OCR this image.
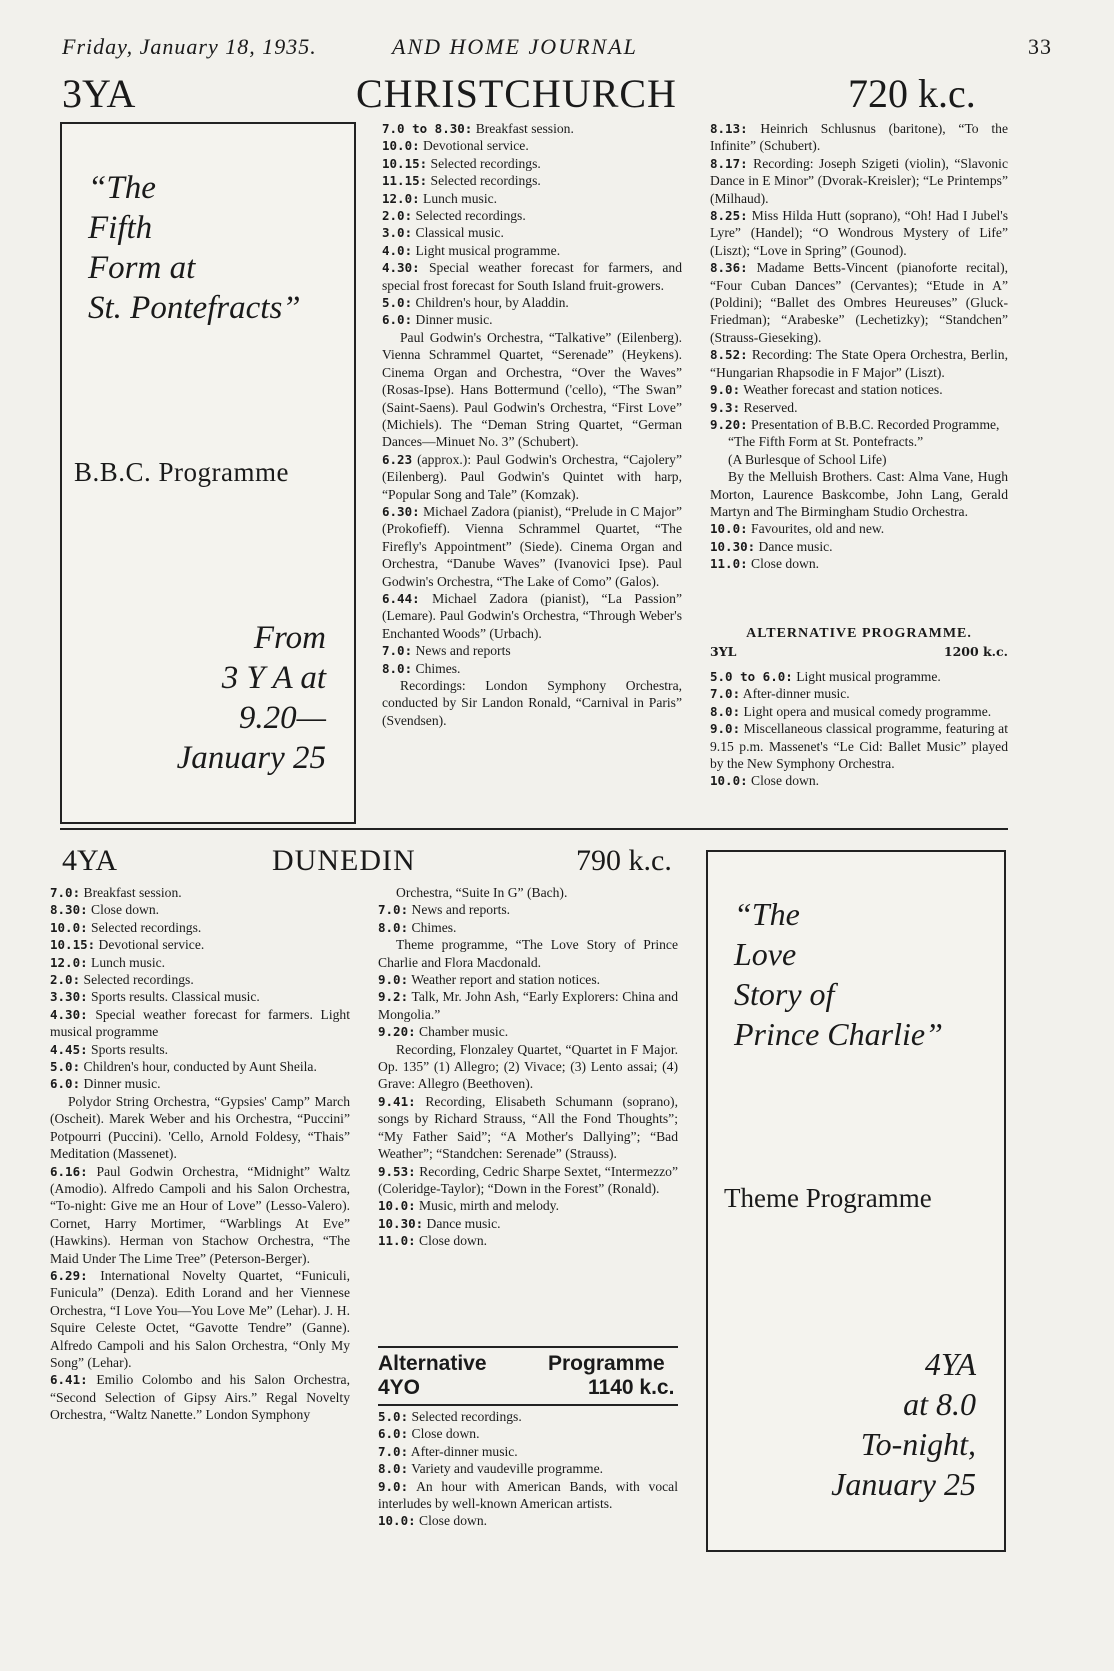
Friday, January 18, 1935.	AND HOME JOURNAL	33
3YA	CHRISTCHURCH	720 k.c.
“The
Fifth
Form at
St. Pontefracts”
B.B.C. Programme
From
3 Y A at
9.20—
January 25

7.0 to 8.30: Breakfast session.

10.0: Devotional service.

10.15: Selected recordings.

11.15: Selected recordings.

12.0: Lunch music.

2.0: Selected recordings.

3.0: Classical music.

4.0: Light musical programme.

4.30: Special weather forecast for farmers, and special frost forecast for South Island fruit-growers.

5.0: Children's hour, by Aladdin.

6.0: Dinner music.

Paul Godwin's Orchestra, “Talkative” (Eilenberg). Vienna Schrammel Quartet, “Serenade” (Heykens). Cinema Organ and Orchestra, “Over the Waves” (Rosas-Ipse). Hans Bottermund ('cello), “The Swan” (Saint-Saens). Paul Godwin's Orchestra, “First Love” (Michiels). The “Deman String Quartet, “German Dances—Minuet No. 3” (Schubert).

6.23 (approx.): Paul Godwin's Orchestra, “Cajolery” (Eilenberg). Paul Godwin's Quintet with harp, “Popular Song and Tale” (Komzak).

6.30: Michael Zadora (pianist), “Prelude in C Major” (Prokofieff). Vienna Schrammel Quartet, “The Firefly's Appointment” (Siede). Cinema Organ and Orchestra, “Danube Waves” (Ivanovici Ipse). Paul Godwin's Orchestra, “The Lake of Como” (Galos).

6.44: Michael Zadora (pianist), “La Passion” (Lemare). Paul Godwin's Orchestra, “Through Weber's Enchanted Woods” (Urbach).

7.0: News and reports

8.0: Chimes.

Recordings: London Symphony Orchestra, conducted by Sir Landon Ronald, “Carnival in Paris” (Svendsen).

8.13: Heinrich Schlusnus (baritone), “To the Infinite” (Schubert).

8.17: Recording: Joseph Szigeti (violin), “Slavonic Dance in E Minor” (Dvorak-Kreisler); “Le Printemps” (Milhaud).

8.25: Miss Hilda Hutt (soprano), “Oh! Had I Jubel's Lyre” (Handel); “O Wondrous Mystery of Life” (Liszt); “Love in Spring” (Gounod).

8.36: Madame Betts-Vincent (pianoforte recital), “Four Cuban Dances” (Cervantes); “Etude in A” (Poldini); “Ballet des Ombres Heureuses” (Gluck-Friedman); “Arabeske” (Lechetizky); “Standchen” (Strauss-Gieseking).

8.52: Recording: The State Opera Orchestra, Berlin, “Hungarian Rhapsodie in F Major” (Liszt).

9.0: Weather forecast and station notices.

9.3: Reserved.

9.20: Presentation of B.B.C. Recorded Programme,

“The Fifth Form at St. Pontefracts.”

(A Burlesque of School Life)

By the Melluish Brothers. Cast: Alma Vane, Hugh Morton, Laurence Baskcombe, John Lang, Gerald Martyn and The Birmingham Studio Orchestra.

10.0: Favourites, old and new.

10.30: Dance music.

11.0: Close down.

ALTERNATIVE PROGRAMME.
3YL	1200 k.c.

5.0 to 6.0: Light musical programme.

7.0: After-dinner music.

8.0: Light opera and musical comedy programme.

9.0: Miscellaneous classical programme, featuring at 9.15 p.m. Massenet's “Le Cid: Ballet Music” played by the New Symphony Orchestra.

10.0: Close down.

4YA	DUNEDIN	790 k.c.

7.0: Breakfast session.

8.30: Close down.

10.0: Selected recordings.

10.15: Devotional service.

12.0: Lunch music.

2.0: Selected recordings.

3.30: Sports results. Classical music.

4.30: Special weather forecast for farmers. Light musical programme

4.45: Sports results.

5.0: Children's hour, conducted by Aunt Sheila.

6.0: Dinner music.

Polydor String Orchestra, “Gypsies' Camp” March (Oscheit). Marek Weber and his Orchestra, “Puccini” Potpourri (Puccini). 'Cello, Arnold Foldesy, “Thais” Meditation (Massenet).

6.16: Paul Godwin Orchestra, “Midnight” Waltz (Amodio). Alfredo Campoli and his Salon Orchestra, “To-night: Give me an Hour of Love” (Lesso-Valero). Cornet, Harry Mortimer, “Warblings At Eve” (Hawkins). Herman von Stachow Orchestra, “The Maid Under The Lime Tree” (Peterson-Berger).

6.29: International Novelty Quartet, “Funiculi, Funicula” (Denza). Edith Lorand and her Viennese Orchestra, “I Love You—You Love Me” (Lehar). J. H. Squire Celeste Octet, “Gavotte Tendre” (Ganne). Alfredo Campoli and his Salon Orchestra, “Only My Song” (Lehar).

6.41: Emilio Colombo and his Salon Orchestra, “Second Selection of Gipsy Airs.” Regal Novelty Orchestra, “Waltz Nanette.” London Symphony

Orchestra, “Suite In G” (Bach).

7.0: News and reports.

8.0: Chimes.

Theme programme, “The Love Story of Prince Charlie and Flora Macdonald.

9.0: Weather report and station notices.

9.2: Talk, Mr. John Ash, “Early Explorers: China and Mongolia.”

9.20: Chamber music.

Recording, Flonzaley Quartet, “Quartet in F Major. Op. 135” (1) Allegro; (2) Vivace; (3) Lento assai; (4) Grave: Allegro (Beethoven).

9.41: Recording, Elisabeth Schumann (soprano), songs by Richard Strauss, “All the Fond Thoughts”; “My Father Said”; “A Mother's Dallying”; “Bad Weather”; “Standchen: Serenade” (Strauss).

9.53: Recording, Cedric Sharpe Sextet, “Intermezzo” (Coleridge-Taylor); “Down in the Forest” (Ronald).

10.0: Music, mirth and melody.

10.30: Dance music.

11.0: Close down.

Alternative	Programme
4YO	1140 k.c.

5.0: Selected recordings.

6.0: Close down.

7.0: After-dinner music.

8.0: Variety and vaudeville programme.

9.0: An hour with American Bands, with vocal interludes by well-known American artists.

10.0: Close down.

“The
Love
Story of
Prince Charlie”
Theme Programme
4YA
at 8.0
To-night,
January 25
